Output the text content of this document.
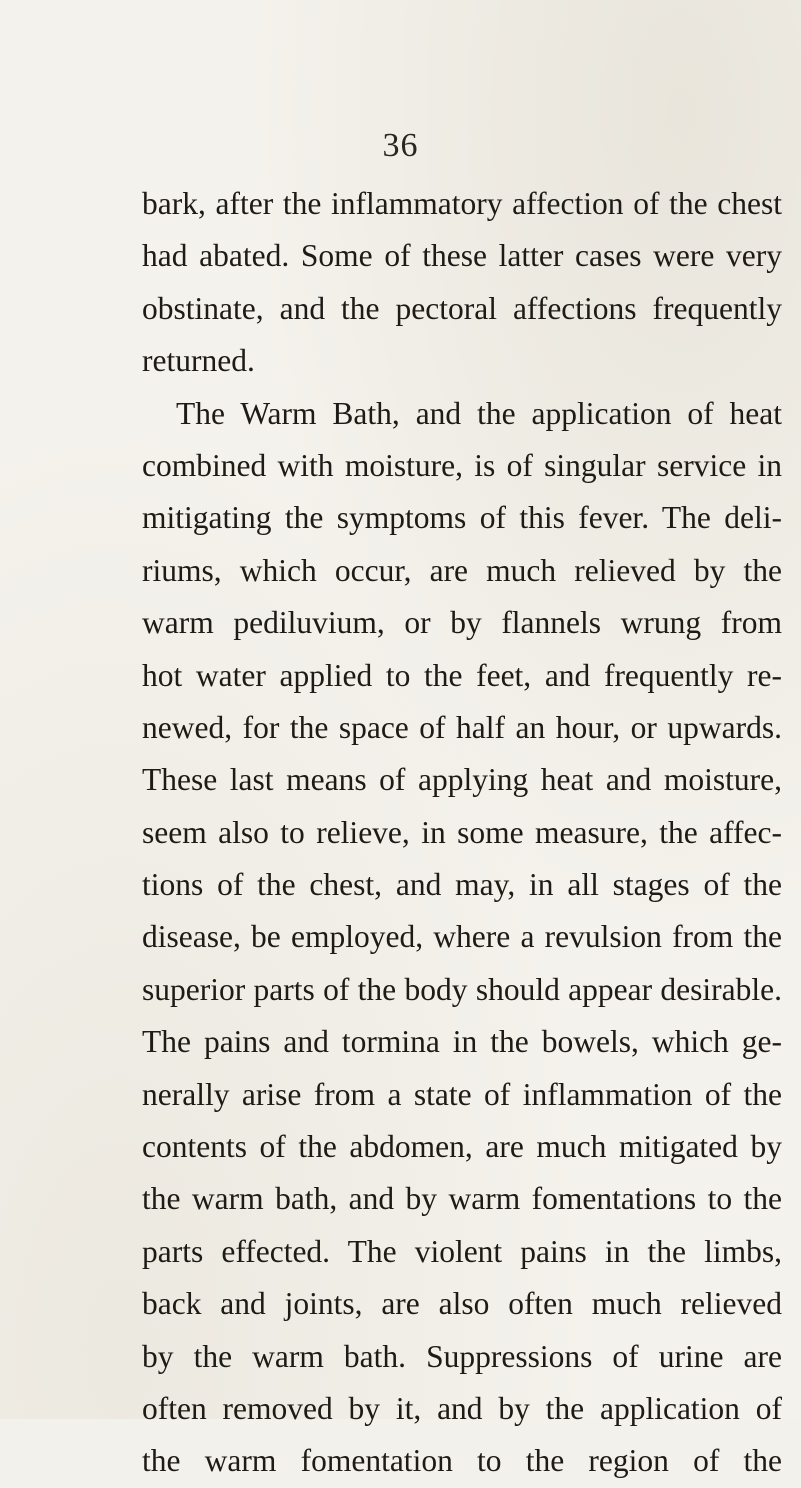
36
bark, after the inflammatory affection of the chest
had abated. Some of these latter cases were very
obstinate, and the pectoral affections frequently
returned.
The Warm Bath, and the application of heat
combined with moisture, is of singular service in
mitigating the symptoms of this fever. The deli-
riums, which occur, are much relieved by the
warm pediluvium, or by flannels wrung from
hot water applied to the feet, and frequently re-
newed, for the space of half an hour, or upwards.
These last means of applying heat and moisture,
seem also to relieve, in some measure, the affec-
tions of the chest, and may, in all stages of the
disease, be employed, where a revulsion from the
superior parts of the body should appear desirable.
The pains and tormina in the bowels, which ge-
nerally arise from a state of inflammation of the
contents of the abdomen, are much mitigated by
the warm bath, and by warm fomentations to the
parts effected. The violent pains in the limbs,
back and joints, are also often much relieved
by the warm bath. Suppressions of urine are
often removed by it, and by the application of
the warm fomentation to the region of the
